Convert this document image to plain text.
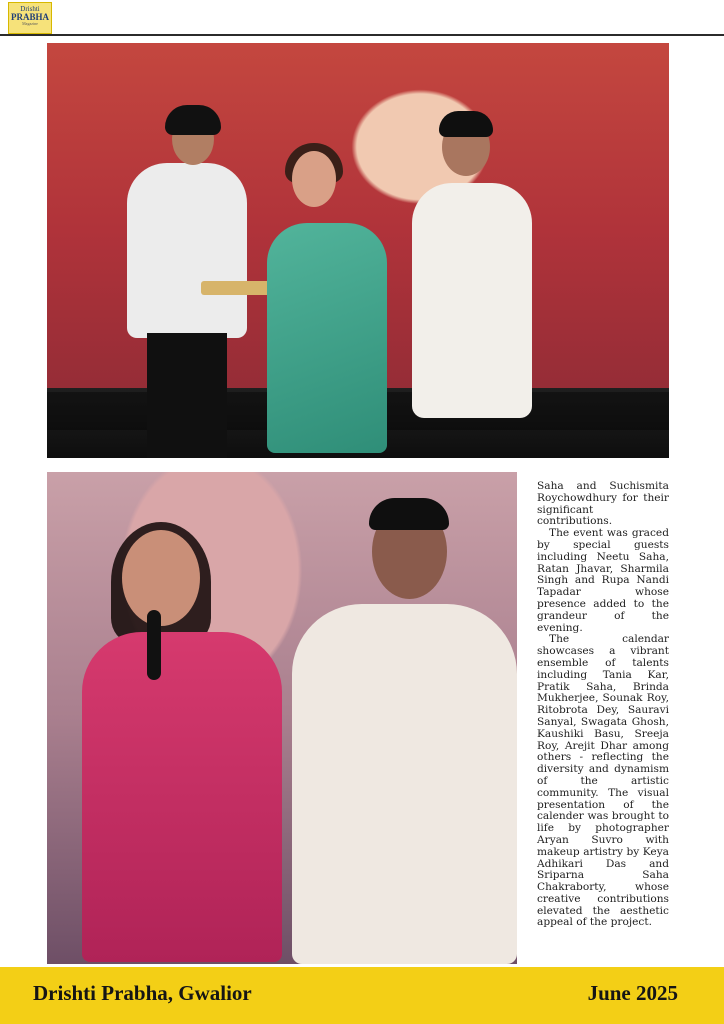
Drishti
PRABHA
Magazine

Saha and Suchismita Roychowdhury for their significant contributions.

The event was graced by special guests including Neetu Saha, Ratan Jhavar, Sharmila Singh and Rupa Nandi Tapadar whose presence added to the grandeur of the evening.

The calendar showcases a vibrant ensemble of talents including Tania Kar, Pratik Saha, Brinda Mukherjee, Sounak Roy, Ritobrota Dey, Sauravi Sanyal, Swagata Ghosh, Kaushiki Basu, Sreeja Roy, Arejit Dhar among others - reflecting the diversity and dynamism of the artistic community. The visual presentation of the calender was brought to life by photographer Aryan Suvro with makeup artistry by Keya Adhikari Das and Sriparna Saha Chakraborty, whose creative contributions elevated the aesthetic appeal of the project.

Drishti Prabha, Gwalior	June 2025
